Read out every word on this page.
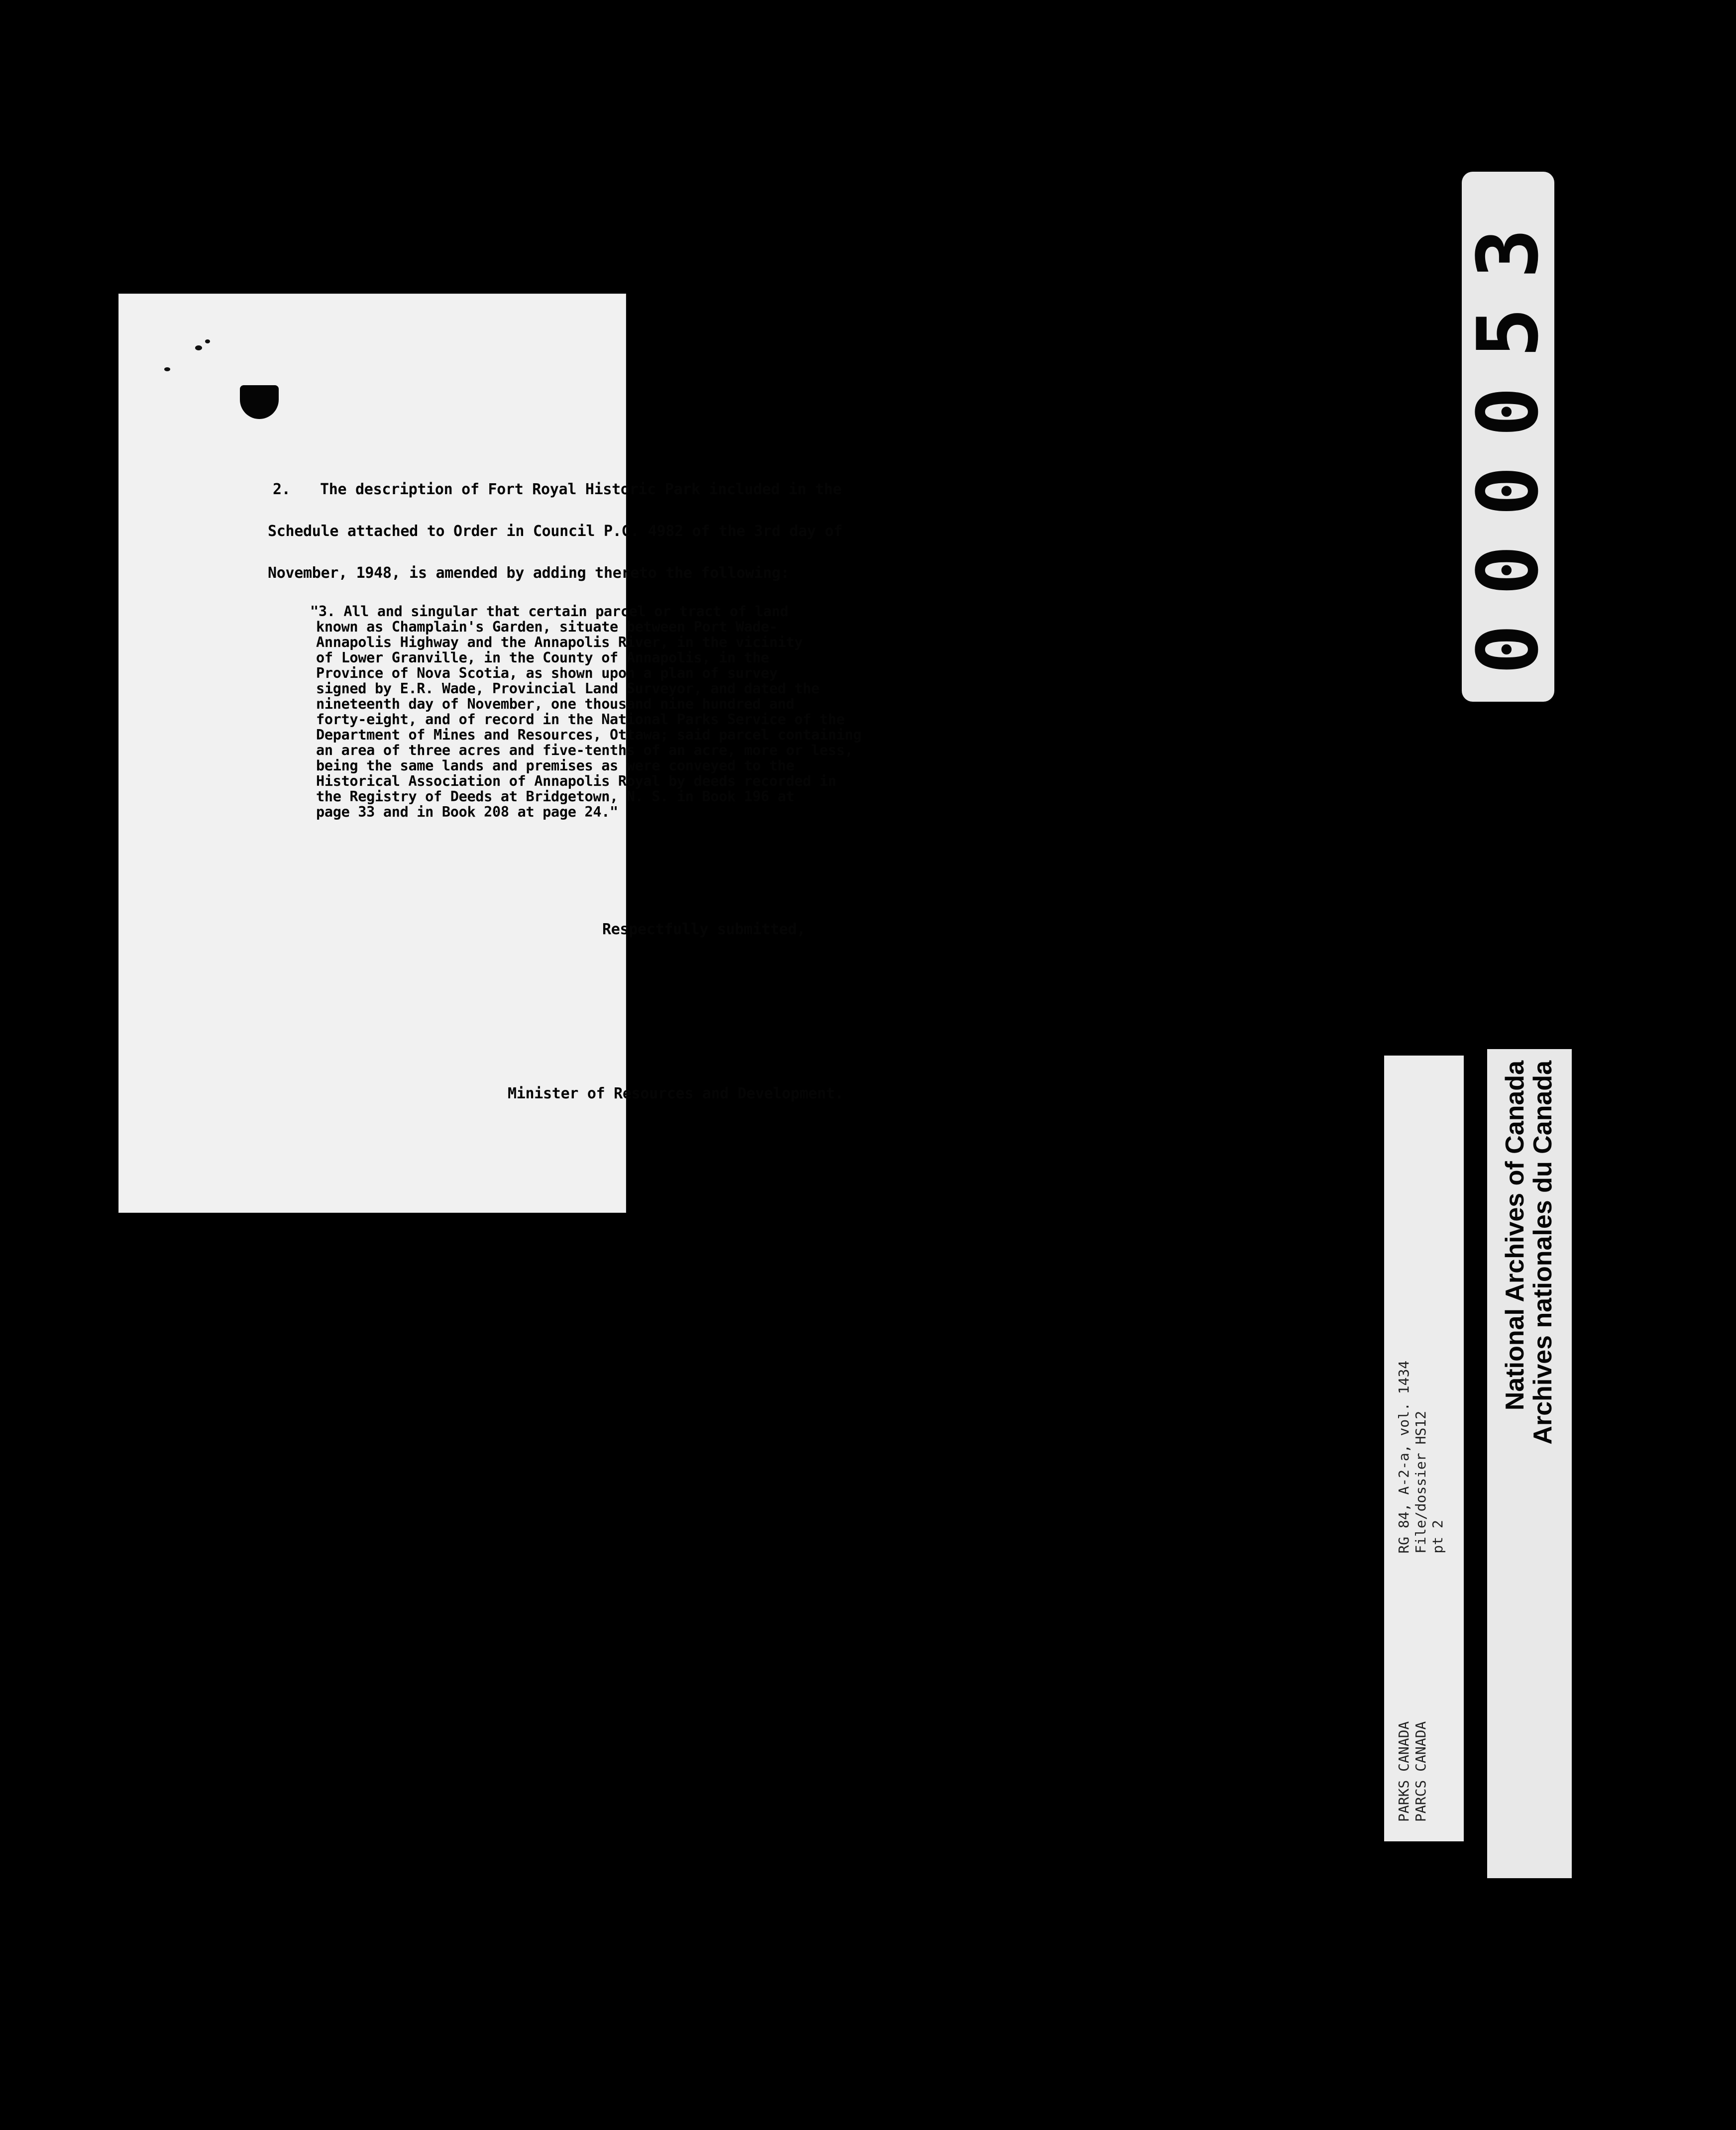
2. The description of Fort Royal Historic Park included in the

Schedule attached to Order in Council P.C. 4982 of the 3rd day of

November, 1948, is amended by adding thereto the following:

"3. All and singular that certain parcel or tract of land

known as Champlain's Garden, situate between Port Wade-

Annapolis Highway and the Annapolis River, in the vicinity

of Lower Granville, in the County of Annapolis, in the

Province of Nova Scotia, as shown upon a plan of survey

signed by E.R. Wade, Provincial Land Surveyor, and dated the

nineteenth day of November, one thousand nine hundred and

forty-eight, and of record in the National Parks Service of the

Department of Mines and Resources, Ottawa; said parcel containing

an area of three acres and five-tenths of an acre, more or less,

being the same lands and premises as were conveyed to the

Historical Association of Annapolis Royal by deeds recorded in

the Registry of Deeds at Bridgetown, N. S. in Book 196 at

page 33 and in Book 208 at page 24."

Respectfully submitted,

Minister of Resources and Development.

000053
PARKS CANADA                    RG 84, A-2-a, vol. 1434 PARCS CANADA                    File/dossier HS12 pt 2
National Archives of Canada
Archives nationales du Canada
